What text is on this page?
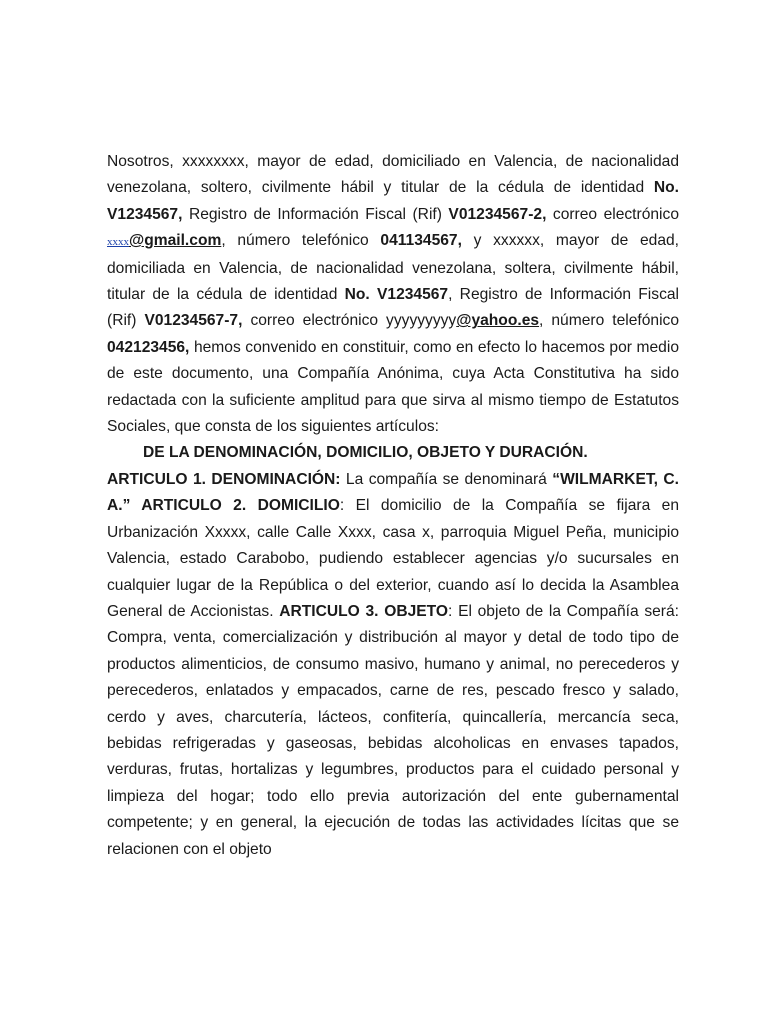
Nosotros, xxxxxxxx, mayor de edad, domiciliado en Valencia, de nacionalidad venezolana, soltero, civilmente hábil y titular de la cédula de identidad No. V1234567, Registro de Información Fiscal (Rif) V01234567-2, correo electrónico xxxx@gmail.com, número telefónico 041134567, y xxxxxx, mayor de edad, domiciliada en Valencia, de nacionalidad venezolana, soltera, civilmente hábil, titular de la cédula de identidad No. V1234567, Registro de Información Fiscal (Rif) V01234567-7, correo electrónico yyyyyyyyy@yahoo.es, número telefónico 042123456, hemos convenido en constituir, como en efecto lo hacemos por medio de este documento, una Compañía Anónima, cuya Acta Constitutiva ha sido redactada con la suficiente amplitud para que sirva al mismo tiempo de Estatutos Sociales, que consta de los siguientes artículos:

DE LA DENOMINACIÓN, DOMICILIO, OBJETO Y DURACIÓN.

ARTICULO 1. DENOMINACIÓN: La compañía se denominará “WILMARKET, C. A.” ARTICULO 2. DOMICILIO: El domicilio de la Compañía se fijara en Urbanización Xxxxx, calle Calle Xxxx, casa x, parroquia Miguel Peña, municipio Valencia, estado Carabobo, pudiendo establecer agencias y/o sucursales en cualquier lugar de la República o del exterior, cuando así lo decida la Asamblea General de Accionistas. ARTICULO 3. OBJETO: El objeto de la Compañía será: Compra, venta, comercialización y distribución al mayor y detal de todo tipo de productos alimenticios, de consumo masivo, humano y animal, no perecederos y perecederos, enlatados y empacados, carne de res, pescado fresco y salado, cerdo y aves, charcutería, lácteos, confitería, quincallería, mercancía seca, bebidas refrigeradas y gaseosas, bebidas alcoholicas en envases tapados, verduras, frutas, hortalizas y legumbres, productos para el cuidado personal y limpieza del hogar; todo ello previa autorización del ente gubernamental competente; y en general, la ejecución de todas las actividades lícitas que se relacionen con el objeto
